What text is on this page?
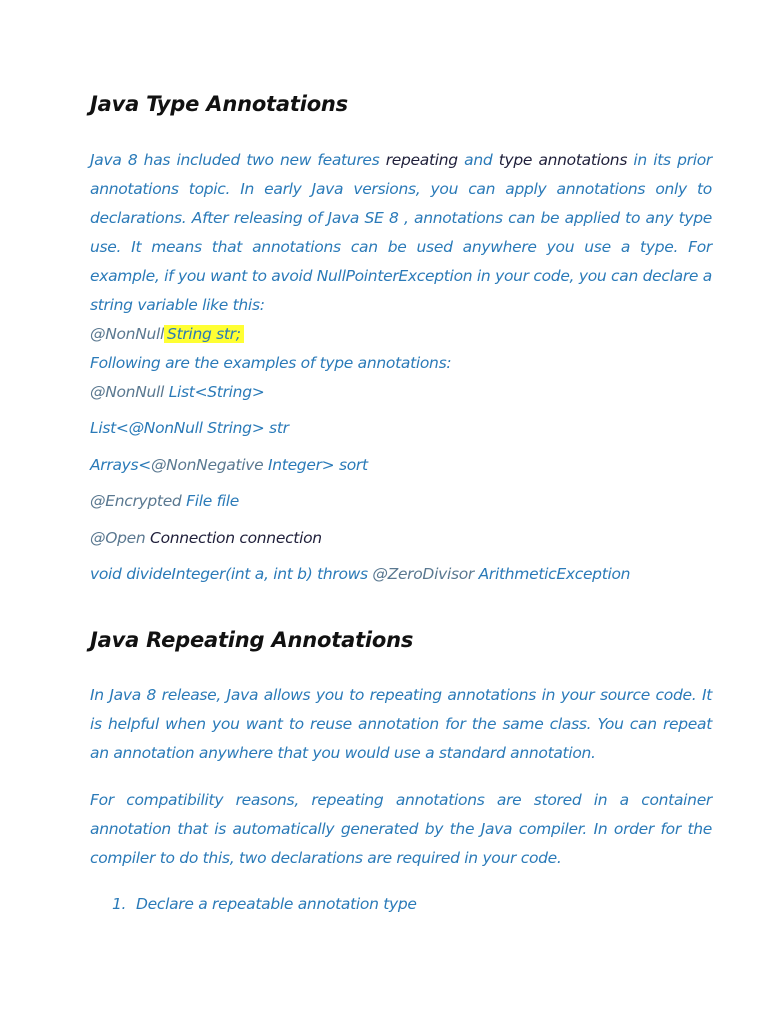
Java Type Annotations

Java 8 has included two new features repeating and type annotations in its prior annotations topic. In early Java versions, you can apply annotations only to declarations. After releasing of Java SE 8 , annotations can be applied to any type use. It means that annotations can be used anywhere you use a type. For example, if you want to avoid NullPointerException in your code, you can declare a string variable like this:

@NonNull String str;

Following are the examples of type annotations:

@NonNull List<String>

List<@NonNull String> str

Arrays<@NonNegative Integer> sort

@Encrypted File file

@Open Connection connection

void divideInteger(int a, int b) throws @ZeroDivisor ArithmeticException

Java Repeating Annotations

In Java 8 release, Java allows you to repeating annotations in your source code. It is helpful when you want to reuse annotation for the same class. You can repeat an annotation anywhere that you would use a standard annotation.

For compatibility reasons, repeating annotations are stored in a container annotation that is automatically generated by the Java compiler. In order for the compiler to do this, two declarations are required in your code.

1. Declare a repeatable annotation type
